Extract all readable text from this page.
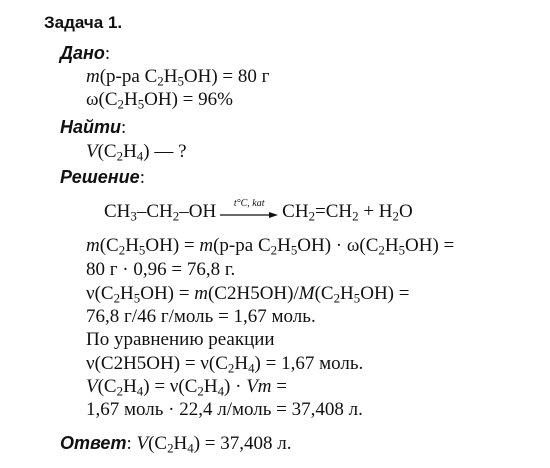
Задача 1.
Дано:
m(р-ра $C_2H_5OH) = 80$ г
$\omega(C_2H_5OH) = 96\%$
Найти:
$V(C_2H_4)$ — ?
Решение:
$CH_3-CH_2-OH$	t°C, kat $CH_2=CH_2 + H_2O$
$m(C_2H_5OH) = m(р-ра$ $C_2H_5OH) \cdot \omega(C_2H_5OH)$ =
80 г · 0,96 = 76,8 г.
$\nu(C_2H_5OH) = m(C2H5OH)/M(C_2H_5OH)$ =
76,8 г/46 г/моль = 1,67 моль.
По уравнению реакции
$\nu(C2H5OH) = \nu(C_2H_4) = 1,67$ моль.
$V(C_2H_4) = \nu(C_2H_4) \cdot Vm$ =
1,67 моль · 22,4 л/моль = 37,408 л.
Ответ: $V(C_2H_4) = 37,408$ л.
